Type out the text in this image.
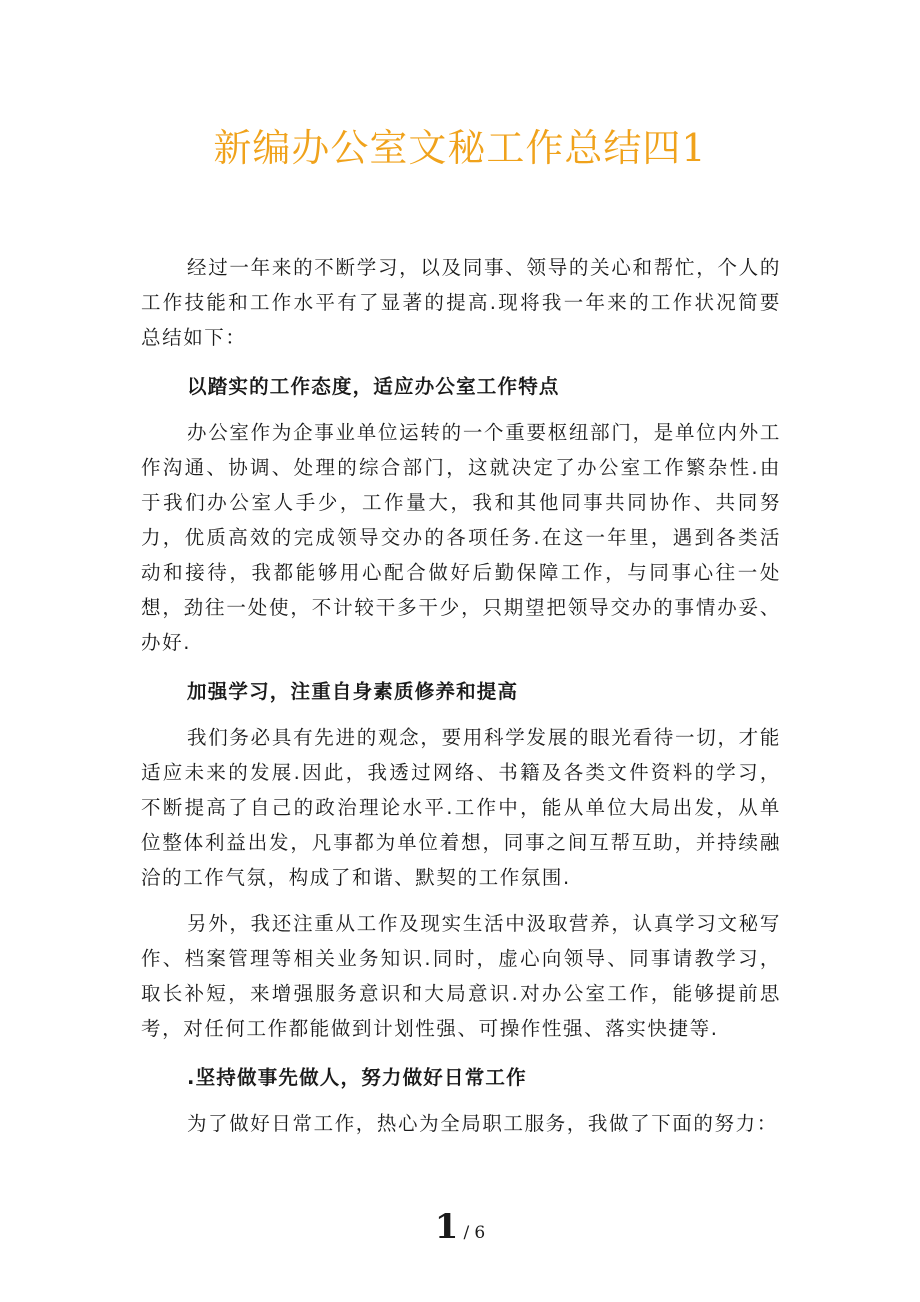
新编办公室文秘工作总结四1

经过一年来的不断学习，以及同事、领导的关心和帮忙，个人的工作技能和工作水平有了显著的提高.现将我一年来的工作状况简要总结如下：

以踏实的工作态度，适应办公室工作特点

办公室作为企事业单位运转的一个重要枢纽部门，是单位内外工作沟通、协调、处理的综合部门，这就决定了办公室工作繁杂性.由于我们办公室人手少，工作量大，我和其他同事共同协作、共同努力，优质高效的完成领导交办的各项任务.在这一年里，遇到各类活动和接待，我都能够用心配合做好后勤保障工作，与同事心往一处想，劲往一处使，不计较干多干少，只期望把领导交办的事情办妥、办好.

加强学习，注重自身素质修养和提高

我们务必具有先进的观念，要用科学发展的眼光看待一切，才能适应未来的发展.因此，我透过网络、书籍及各类文件资料的学习，不断提高了自己的政治理论水平.工作中，能从单位大局出发，从单位整体利益出发，凡事都为单位着想，同事之间互帮互助，并持续融洽的工作气氛，构成了和谐、默契的工作氛围.

另外，我还注重从工作及现实生活中汲取营养，认真学习文秘写作、档案管理等相关业务知识.同时，虚心向领导、同事请教学习，取长补短，来增强服务意识和大局意识.对办公室工作，能够提前思考，对任何工作都能做到计划性强、可操作性强、落实快捷等.

.坚持做事先做人，努力做好日常工作

为了做好日常工作，热心为全局职工服务，我做了下面的努力：

1 / 6
